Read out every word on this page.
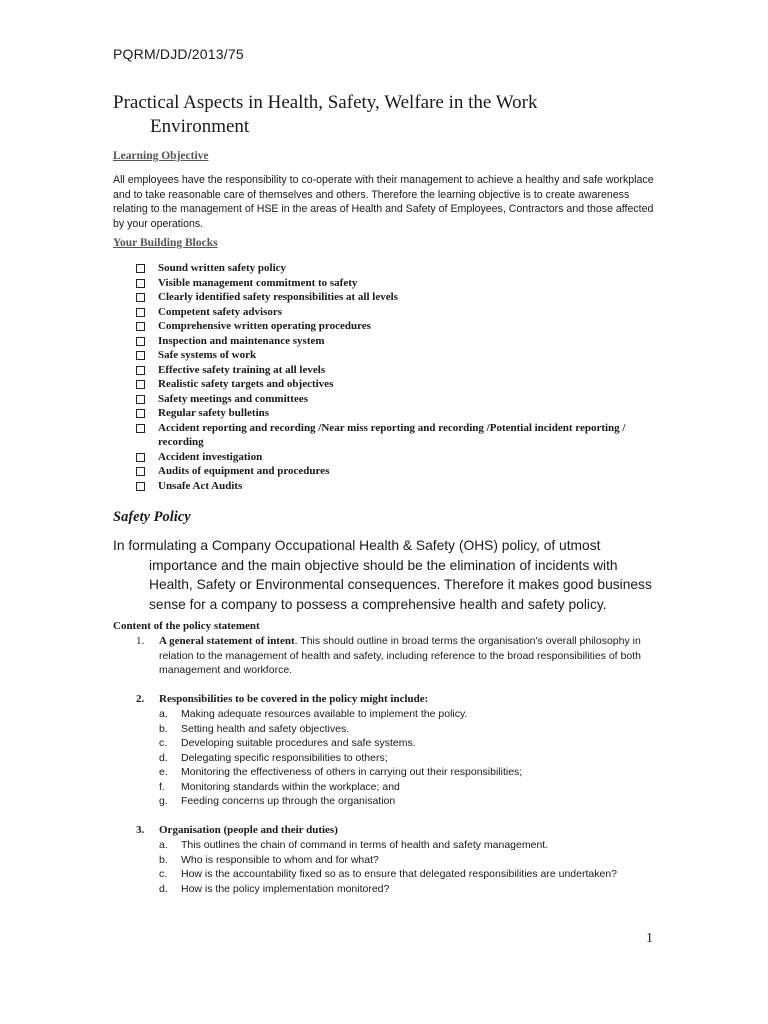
PQRM/DJD/2013/75
Practical Aspects in Health, Safety, Welfare in the Work
Environment
Learning Objective
All employees have the responsibility to co-operate with their management to achieve a healthy and safe workplace and to take reasonable care of themselves and others. Therefore the learning objective is to create awareness relating to the management of HSE in the areas of Health and Safety of Employees, Contractors and those affected by your operations.
Your Building Blocks
Sound written safety policy
Visible management commitment to safety
Clearly identified safety responsibilities at all levels
Competent safety advisors
Comprehensive written operating procedures
Inspection and maintenance system
Safe systems of work
Effective safety training at all levels
Realistic safety targets and objectives
Safety meetings and committees
Regular safety bulletins
Accident reporting and recording /Near miss reporting and recording /Potential incident reporting / recording
Accident investigation
Audits of equipment and procedures
Unsafe Act Audits
Safety Policy
In formulating a Company Occupational Health & Safety (OHS) policy, of utmost
importance and the main objective should be the elimination of incidents with Health, Safety or Environmental consequences. Therefore it makes good business sense for a company to possess a comprehensive health and safety policy.
Content of the policy statement
1. A general statement of intent. This should outline in broad terms the organisation's overall philosophy in relation to the management of health and safety, including reference to the broad responsibilities of both management and workforce.
2. Responsibilities to be covered in the policy might include:
a. Making adequate resources available to implement the policy.
b. Setting health and safety objectives.
c. Developing suitable procedures and safe systems.
d. Delegating specific responsibilities to others;
e. Monitoring the effectiveness of others in carrying out their responsibilities;
f. Monitoring standards within the workplace; and
g. Feeding concerns up through the organisation
3. Organisation (people and their duties)
a. This outlines the chain of command in terms of health and safety management.
b. Who is responsible to whom and for what?
c. How is the accountability fixed so as to ensure that delegated responsibilities are undertaken?
d. How is the policy implementation monitored?
1
